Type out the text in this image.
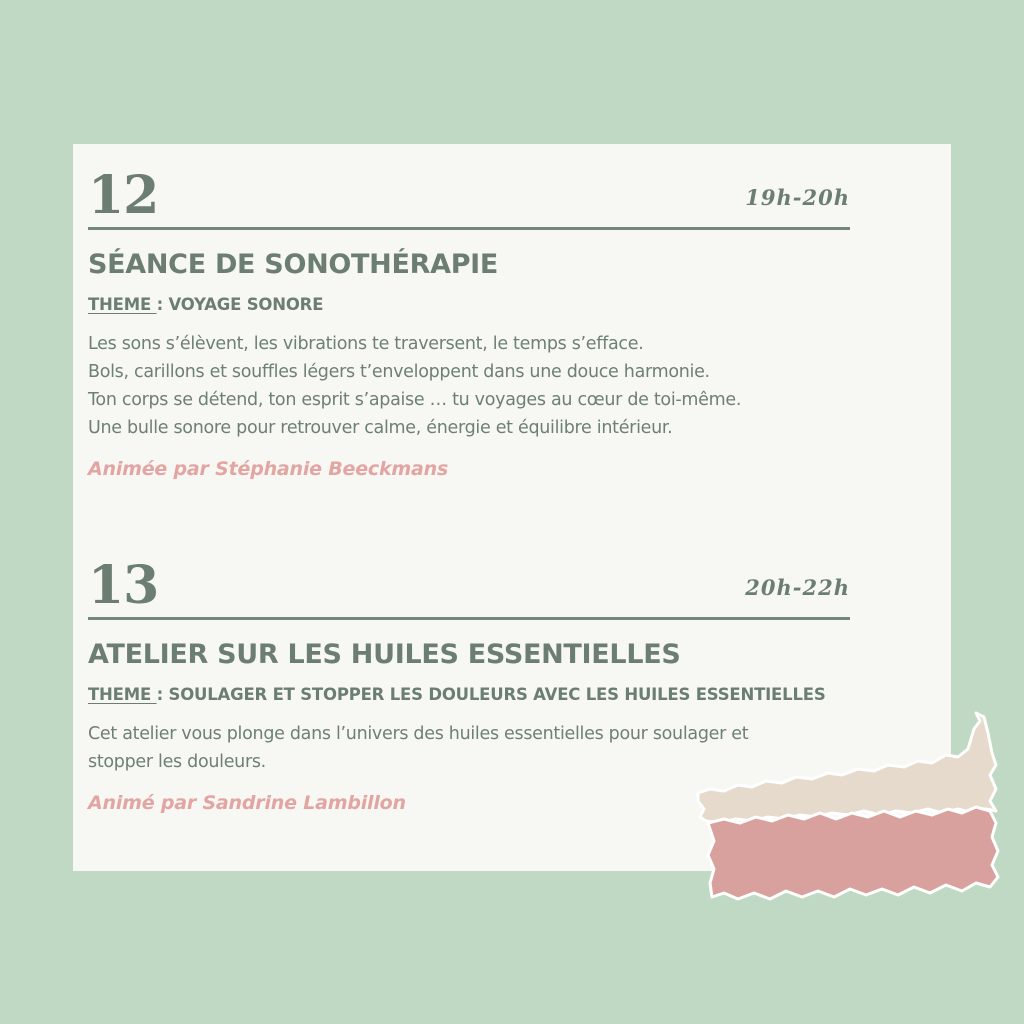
12	19h-20h
SÉANCE DE SONOTHÉRAPIE
THEME : VOYAGE SONORE

Les sons s’élèvent, les vibrations te traversent, le temps s’efface.

Bols, carillons et souffles légers t’enveloppent dans une douce harmonie.

Ton corps se détend, ton esprit s’apaise … tu voyages au cœur de toi-même.

Une bulle sonore pour retrouver calme, énergie et équilibre intérieur.

Animée par Stéphanie Beeckmans
13	20h-22h
ATELIER SUR LES HUILES ESSENTIELLES
THEME : SOULAGER ET STOPPER LES DOULEURS AVEC LES HUILES ESSENTIELLES

Cet atelier vous plonge dans l’univers des huiles essentielles pour soulager et stopper les douleurs.

Animé par Sandrine Lambillon
